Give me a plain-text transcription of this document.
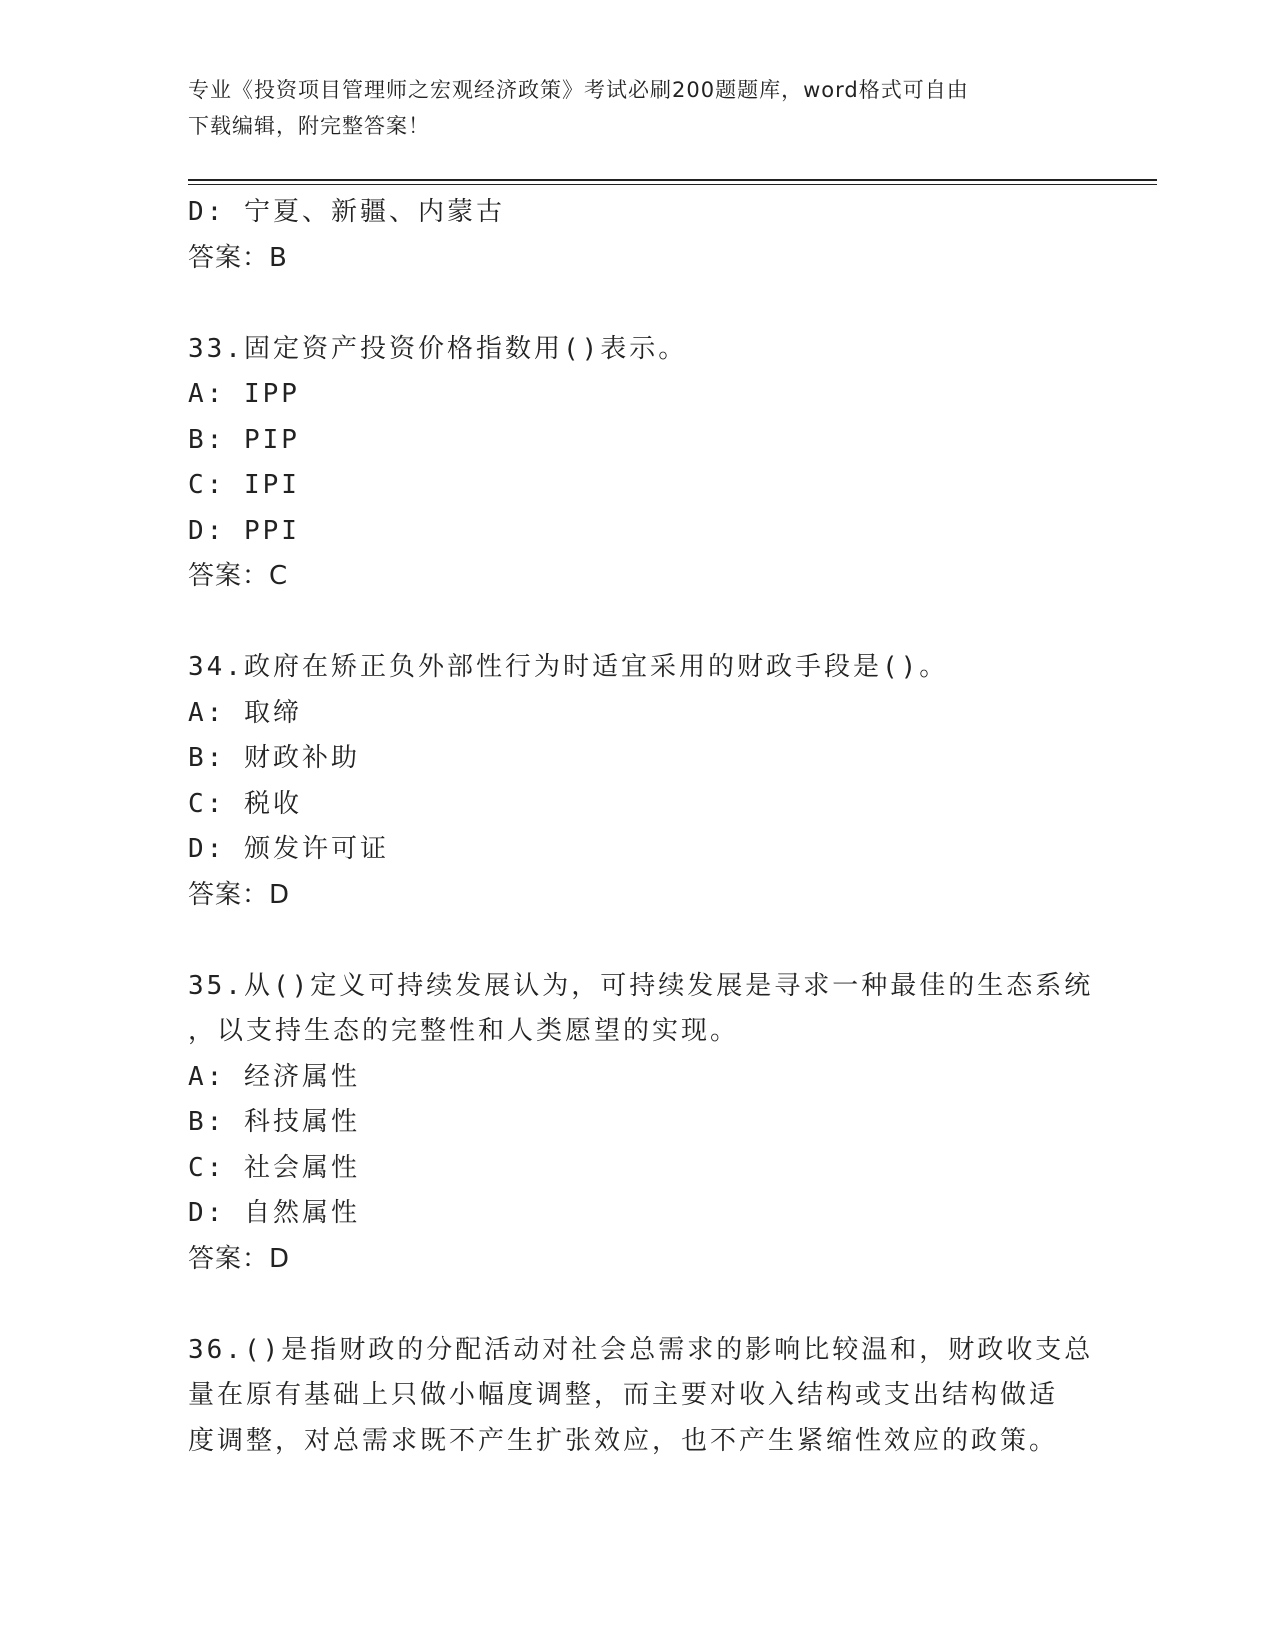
专业《投资项目管理师之宏观经济政策》考试必刷200题题库，word格式可自由
下载编辑，附完整答案！
D: 宁夏、新疆、内蒙古
答案：B
33.固定资产投资价格指数用()表示。
A: IPP
B: PIP
C: IPI
D: PPI
答案：C
34.政府在矫正负外部性行为时适宜采用的财政手段是()。
A: 取缔
B: 财政补助
C: 税收
D: 颁发许可证
答案：D
35.从()定义可持续发展认为，可持续发展是寻求一种最佳的生态系统
，以支持生态的完整性和人类愿望的实现。
A: 经济属性
B: 科技属性
C: 社会属性
D: 自然属性
答案：D
36.()是指财政的分配活动对社会总需求的影响比较温和，财政收支总
量在原有基础上只做小幅度调整，而主要对收入结构或支出结构做适
度调整，对总需求既不产生扩张效应，也不产生紧缩性效应的政策。
